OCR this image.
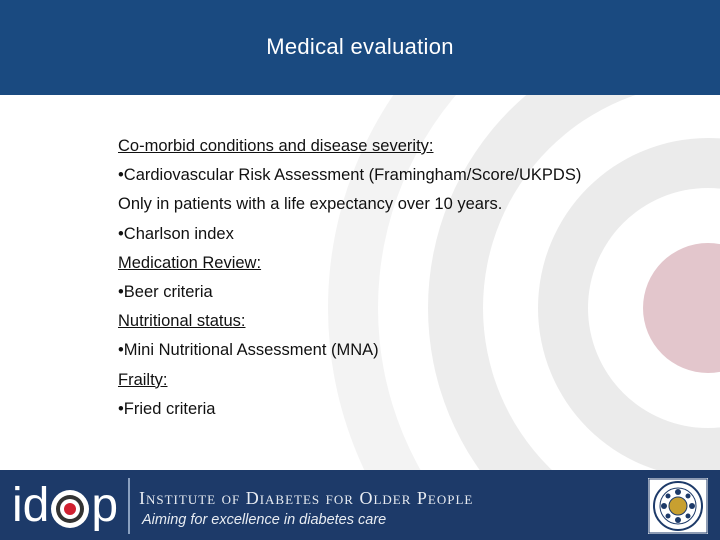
Medical evaluation
Co-morbid conditions and disease severity:
•Cardiovascular Risk Assessment (Framingham/Score/UKPDS)
Only in patients with a life expectancy over 10 years.
•Charlson index
Medication Review:
•Beer criteria
Nutritional status:
•Mini Nutritional Assessment (MNA)
Frailty:
•Fried criteria
id p Institute of Diabetes for Older People
Aiming for excellence in diabetes care
